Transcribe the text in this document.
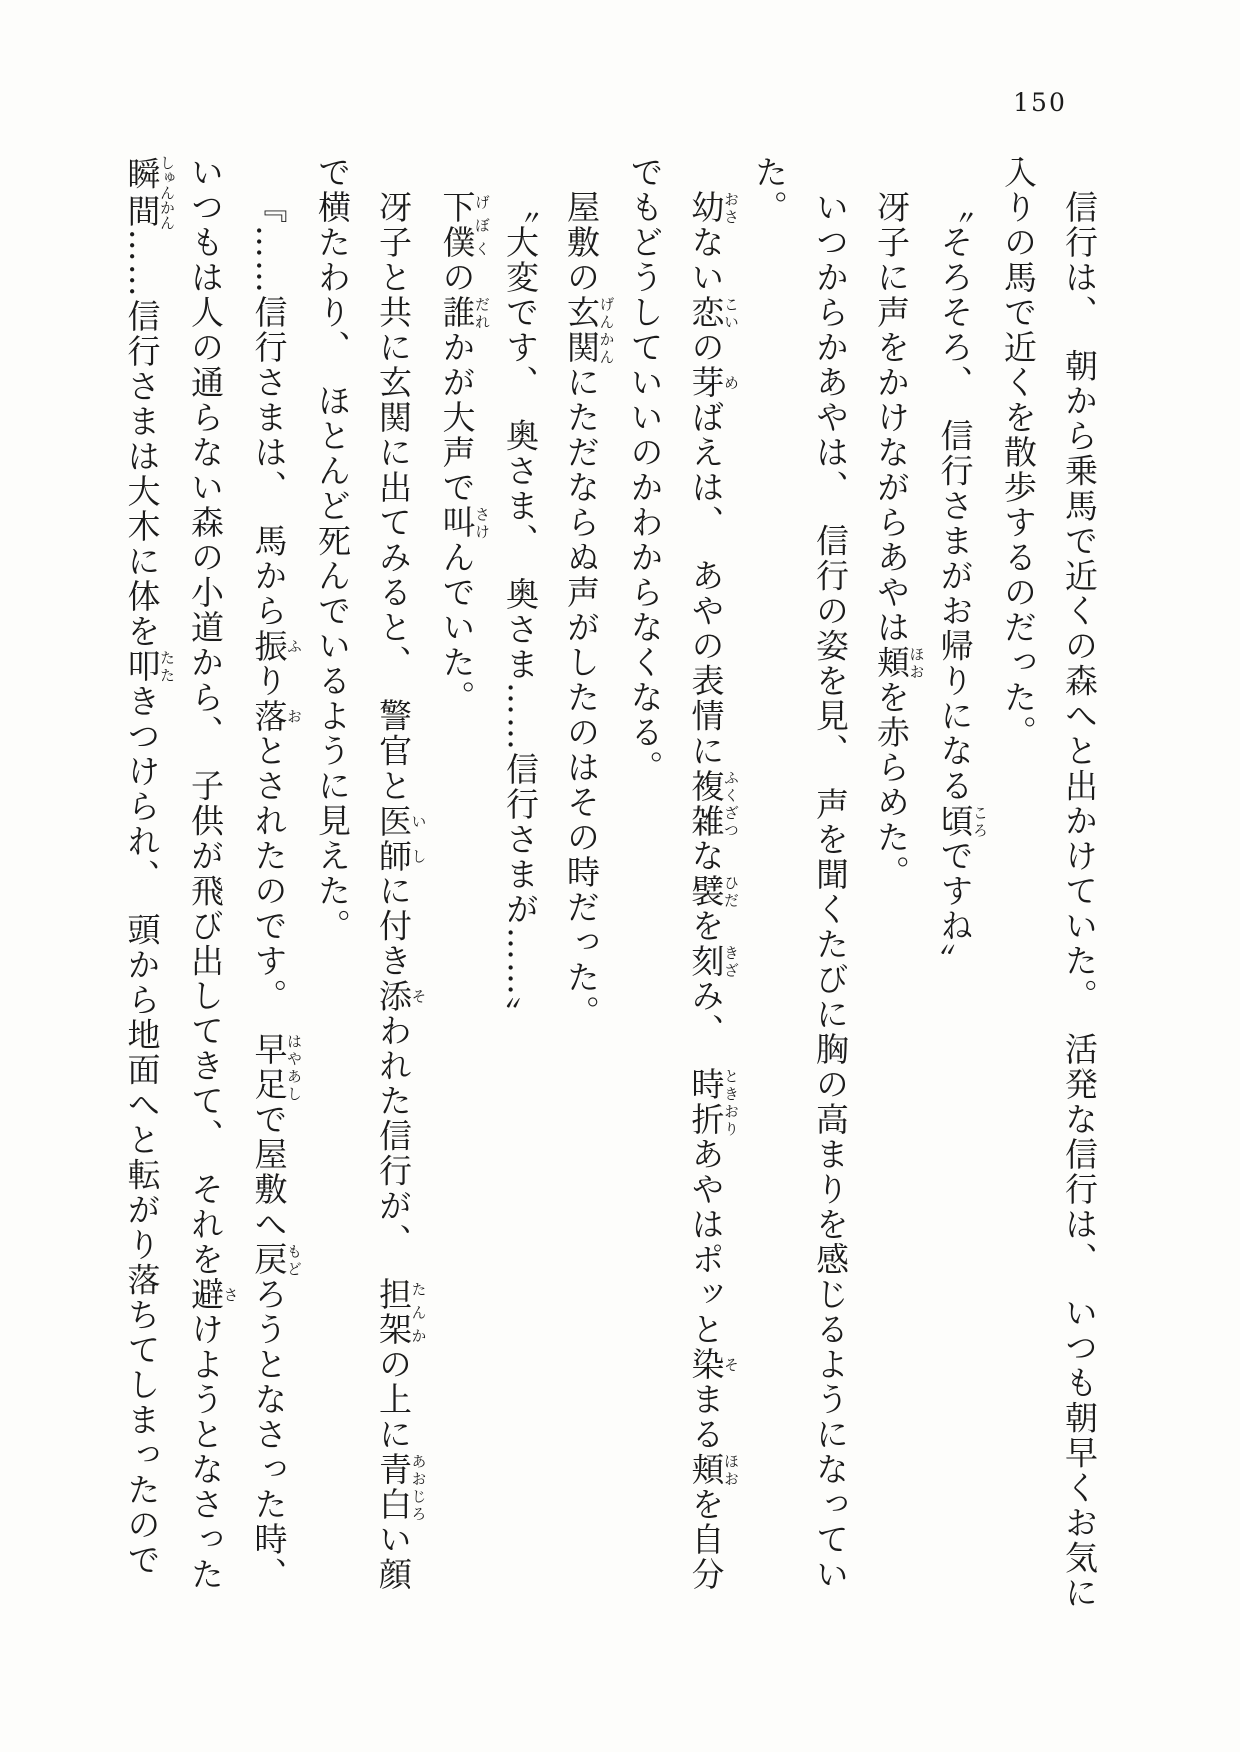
150

信行は、 朝から乗馬で近くの森へと出かけていた。 活発な信行は、 いつも朝早くお気に

入りの馬で近くを散歩するのだった。

〝そろそろ、 信行さまがお帰りになる頃ころですね〟

冴子に声をかけながらあやは頬ほおを赤らめた。

いつからかあやは、 信行の姿を見、 声を聞くたびに胸の高まりを感じるようになってい

た。

幼おさない恋こいの芽めばえは、 あやの表情に複雑ふくざつな襞ひだを刻きざみ、 時折ときおりあやはポッと染そまる頬ほおを自分

でもどうしていいのかわからなくなる。

屋敷の玄関げんかんにただならぬ声がしたのはその時だった。

〝大変です、 奥さま、 奥さま……信行さまが……〟

下僕げぼくの誰だれかが大声で叫さけんでいた。

冴子と共に玄関に出てみると、 警官と医師いしに付き添そわれた信行が、 担架たんかの上に青白あおじろい顔

で横たわり、 ほとんど死んでいるように見えた。

『……信行さまは、 馬から振ふり落おとされたのです。 早足はやあしで屋敷へ戻もどろうとなさった時、

いつもは人の通らない森の小道から、 子供が飛び出してきて、 それを避さけようとなさった

瞬間しゅんかん……信行さまは大木に体を叩たたきつけられ、 頭から地面へと転がり落ちてしまったので
